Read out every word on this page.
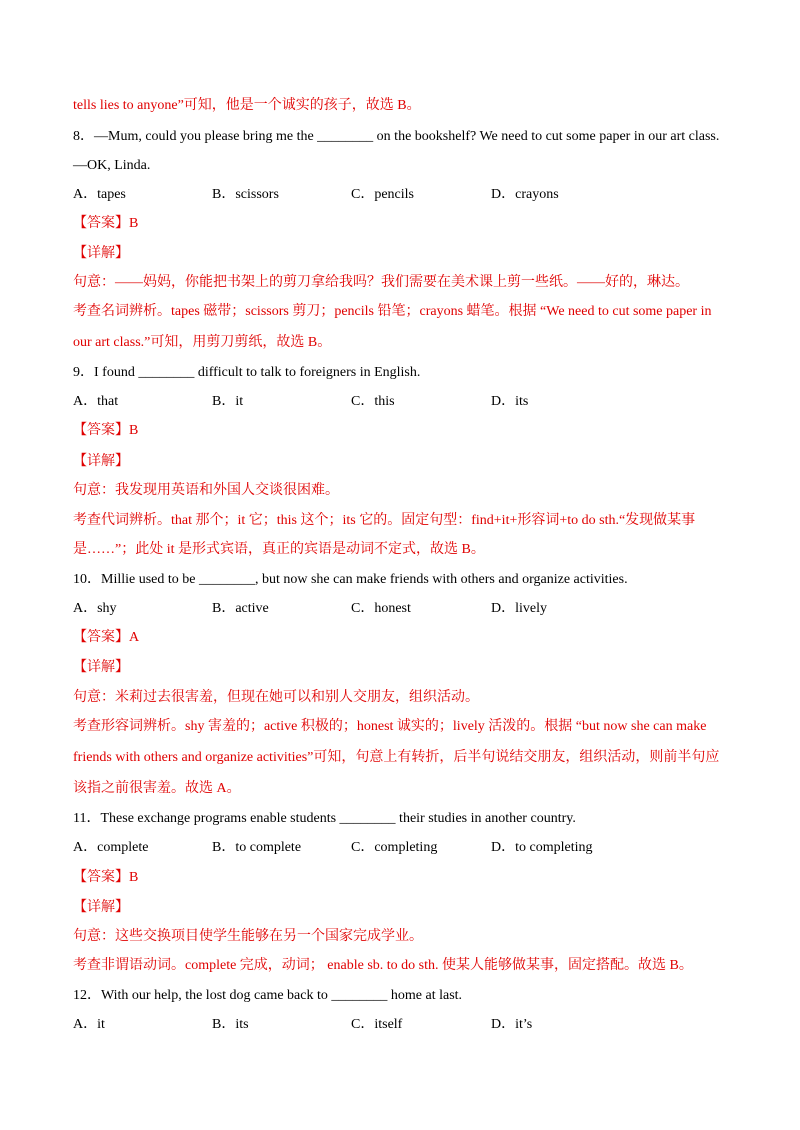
tells lies to anyone”可知，他是一个诚实的孩子，故选 B。
8．—Mum, could you please bring me the ________ on the bookshelf? We need to cut some paper in our art class.
—OK, Linda.
A．tapes	B．scissors	C．pencils	D．crayons
【答案】B
【详解】
句意：——妈妈，你能把书架上的剪刀拿给我吗？我们需要在美术课上剪一些纸。——好的，琳达。
考查名词辨析。tapes 磁带；scissors 剪刀；pencils 铅笔；crayons 蜡笔。根据 “We need to cut some paper in
our art class.”可知，用剪刀剪纸，故选 B。
9．I found ________ difficult to talk to foreigners in English.
A．that	B．it	C．this	D．its
【答案】B
【详解】
句意：我发现用英语和外国人交谈很困难。
考查代词辨析。that 那个；it 它；this 这个；its 它的。固定句型：find+it+形容词+to do sth.“发现做某事
是……”；此处 it 是形式宾语，真正的宾语是动词不定式，故选 B。
10．Millie used to be ________, but now she can make friends with others and organize activities.
A．shy	B．active	C．honest	D．lively
【答案】A
【详解】
句意：米莉过去很害羞，但现在她可以和别人交朋友，组织活动。
考查形容词辨析。shy 害羞的；active 积极的；honest 诚实的；lively 活泼的。根据 “but now she can make
friends with others and organize activities”可知，句意上有转折，后半句说结交朋友，组织活动，则前半句应
该指之前很害羞。故选 A。
11．These exchange programs enable students ________ their studies in another country.
A．complete	B．to complete	C．completing	D．to completing
【答案】B
【详解】
句意：这些交换项目使学生能够在另一个国家完成学业。
考查非谓语动词。complete 完成，动词； enable sb. to do sth. 使某人能够做某事，固定搭配。故选 B。
12．With our help, the lost dog came back to ________ home at last.
A．it	B．its	C．itself	D．it’s
